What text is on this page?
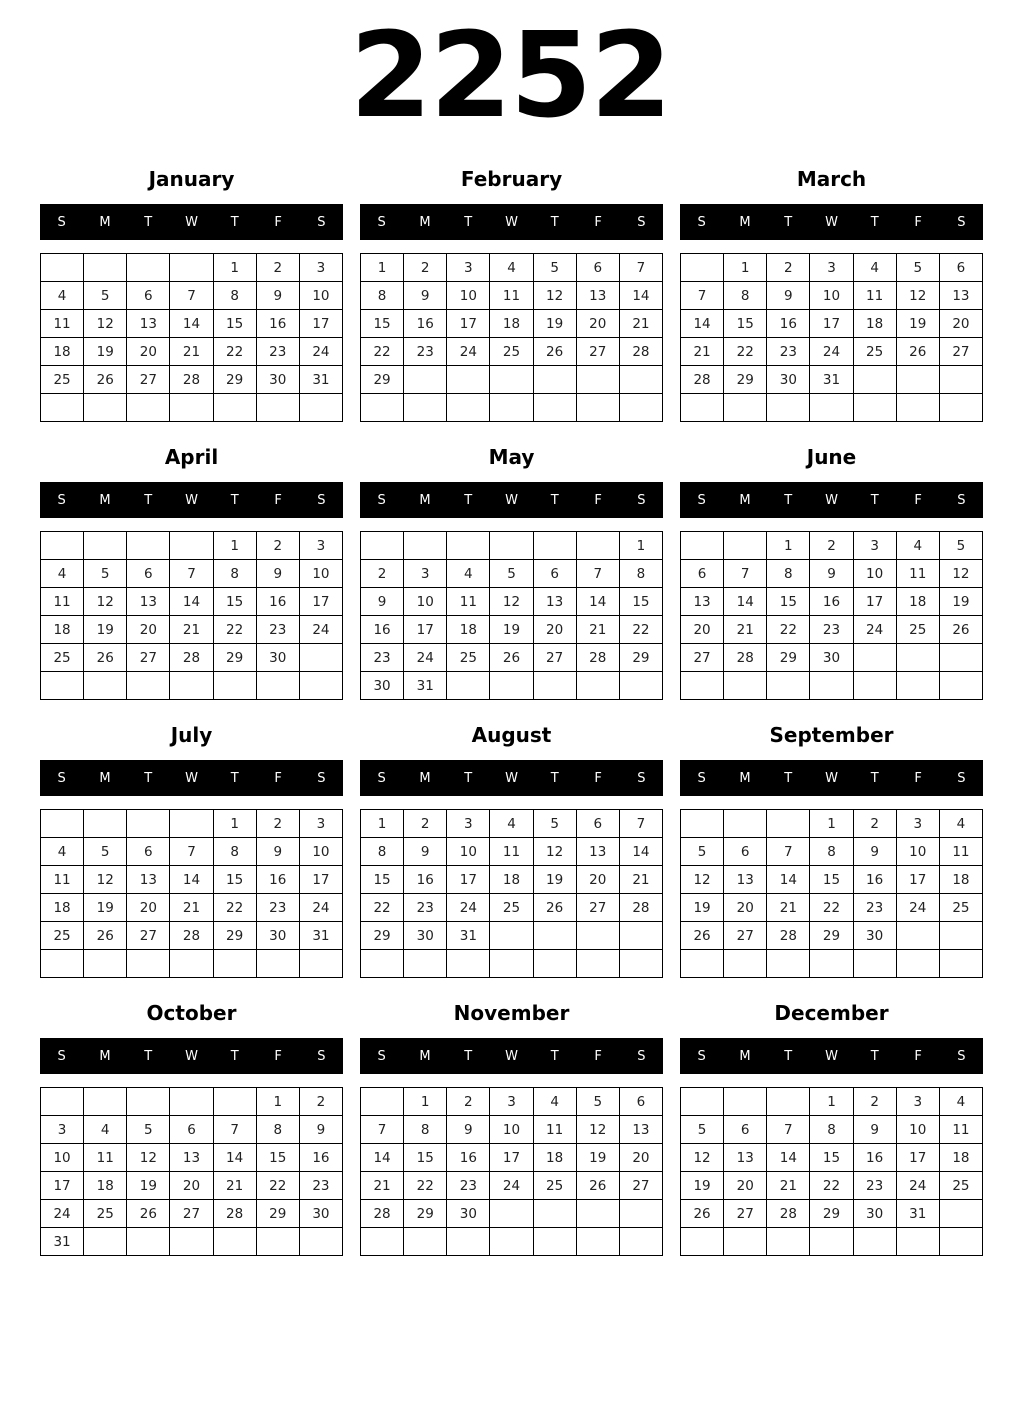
2252
January
S	M	T	W	T	F	S
				1	2	3
4	5	6	7	8	9	10
11	12	13	14	15	16	17
18	19	20	21	22	23	24
25	26	27	28	29	30	31

February
S	M	T	W	T	F	S
1	2	3	4	5	6	7
8	9	10	11	12	13	14
15	16	17	18	19	20	21
22	23	24	25	26	27	28
29						

March
S	M	T	W	T	F	S
	1	2	3	4	5	6
7	8	9	10	11	12	13
14	15	16	17	18	19	20
21	22	23	24	25	26	27
28	29	30	31			

April
S	M	T	W	T	F	S
				1	2	3
4	5	6	7	8	9	10
11	12	13	14	15	16	17
18	19	20	21	22	23	24
25	26	27	28	29	30	

May
S	M	T	W	T	F	S
						1
2	3	4	5	6	7	8
9	10	11	12	13	14	15
16	17	18	19	20	21	22
23	24	25	26	27	28	29
30	31					
June
S	M	T	W	T	F	S
		1	2	3	4	5
6	7	8	9	10	11	12
13	14	15	16	17	18	19
20	21	22	23	24	25	26
27	28	29	30			

July
S	M	T	W	T	F	S
				1	2	3
4	5	6	7	8	9	10
11	12	13	14	15	16	17
18	19	20	21	22	23	24
25	26	27	28	29	30	31

August
S	M	T	W	T	F	S
1	2	3	4	5	6	7
8	9	10	11	12	13	14
15	16	17	18	19	20	21
22	23	24	25	26	27	28
29	30	31				

September
S	M	T	W	T	F	S
			1	2	3	4
5	6	7	8	9	10	11
12	13	14	15	16	17	18
19	20	21	22	23	24	25
26	27	28	29	30		

October
S	M	T	W	T	F	S
					1	2
3	4	5	6	7	8	9
10	11	12	13	14	15	16
17	18	19	20	21	22	23
24	25	26	27	28	29	30
31						
November
S	M	T	W	T	F	S
	1	2	3	4	5	6
7	8	9	10	11	12	13
14	15	16	17	18	19	20
21	22	23	24	25	26	27
28	29	30				

December
S	M	T	W	T	F	S
			1	2	3	4
5	6	7	8	9	10	11
12	13	14	15	16	17	18
19	20	21	22	23	24	25
26	27	28	29	30	31	
